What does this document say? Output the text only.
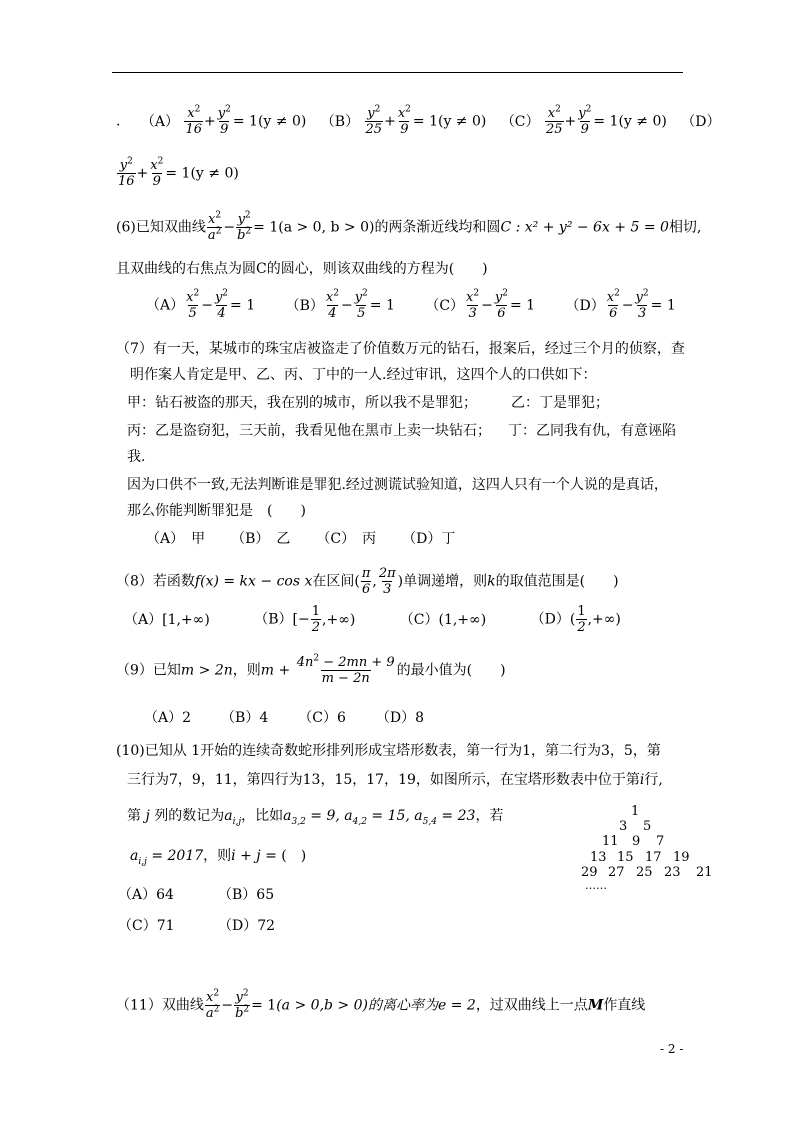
. $(A) \frac{x^2}{16} + \frac{y^2}{9} = 1(y \ne 0)$ $(B) \frac{y^2}{25} + \frac{x^2}{9} = 1(y \ne 0)$ $(C) \frac{x^2}{25} + \frac{y^2}{9} = 1(y \ne 0)$ （D）
$\frac{y^2}{16} + \frac{x^2}{9} = 1(y \ne 0)$
(6)已知双曲线 $\frac{x^2}{a^2} - \frac{y^2}{b^2} = 1(a > 0$, b > 0)的两条渐近线均和圆C : x² + y² − 6x + 5 = 0相切,
且双曲线的右焦点为圆C的圆心，则该双曲线的方程为(　　)
$(A) \frac{x^2}{5} - \frac{y^2}{4} = 1$ $(B) \frac{x^2}{4} - \frac{y^2}{5} = 1$ $(C) \frac{x^2}{3} - \frac{y^2}{6} = 1$ $(D) \frac{x^2}{6} - \frac{y^2}{3} = 1$
（7）有一天，某城市的珠宝店被盗走了价值数万元的钻石，报案后，经过三个月的侦察，查
明作案人肯定是甲、乙、丙、丁中的一人.经过审讯，这四个人的口供如下：
甲：钻石被盗的那天，我在别的城市，所以我不是罪犯； 乙：丁是罪犯；
丙：乙是盗窃犯，三天前，我看见他在黑市上卖一块钻石； 丁：乙同我有仇，有意诬陷
我.
因为口供不一致,无法判断谁是罪犯.经过测谎试验知道，这四人只有一个人说的是真话，
那么你能判断罪犯是　(　　)
（A）　甲 （B）　乙 （C）　丙 （D）丁
（8）若函数f(x) = kx − cos x在区间( $\frac{\pi}{6}$ , $\frac{2\pi}{3}$ )单调递增，则k的取值范围是(　　)
（A）[1,+∞)	$(B)[- \frac{1}{2}$ ,+∞)	（C）(1,+∞)	$(D)( \frac{1}{2}$ ,+∞)
（9）已知m > 2n，则$m + \frac{4n^2 - 2mn + 9}{m - 2n}$ 的最小值为(　　)
（A）2 （B）4 （C）6 （D）8
(10)已知从 1开始的连续奇数蛇形排列形成宝塔形数表，第一行为1，第二行为3，5，第
三行为7，9，11，第四行为13，15，17，19，如图所示，在宝塔形数表中位于第i行,
第 j 列的数记为$a_{i,j}$，比如$a_{3,2} = 9$, $a_{4,2} = 15$, $a_{5,4} = 23$，若
$a_{i,j} = 2017$，则i + j = (　)
（A）64	（B）65
（C）71	（D）72
1
3 5
11 9 7
13 15 17 19
29 27 25 23 21
……
（11）双曲线 $\frac{x^2}{a^2} - \frac{y^2}{b^2} = 1(a > 0,b > 0)$的离心率为e = 2，过双曲线上一点M作直线
- 2 -
